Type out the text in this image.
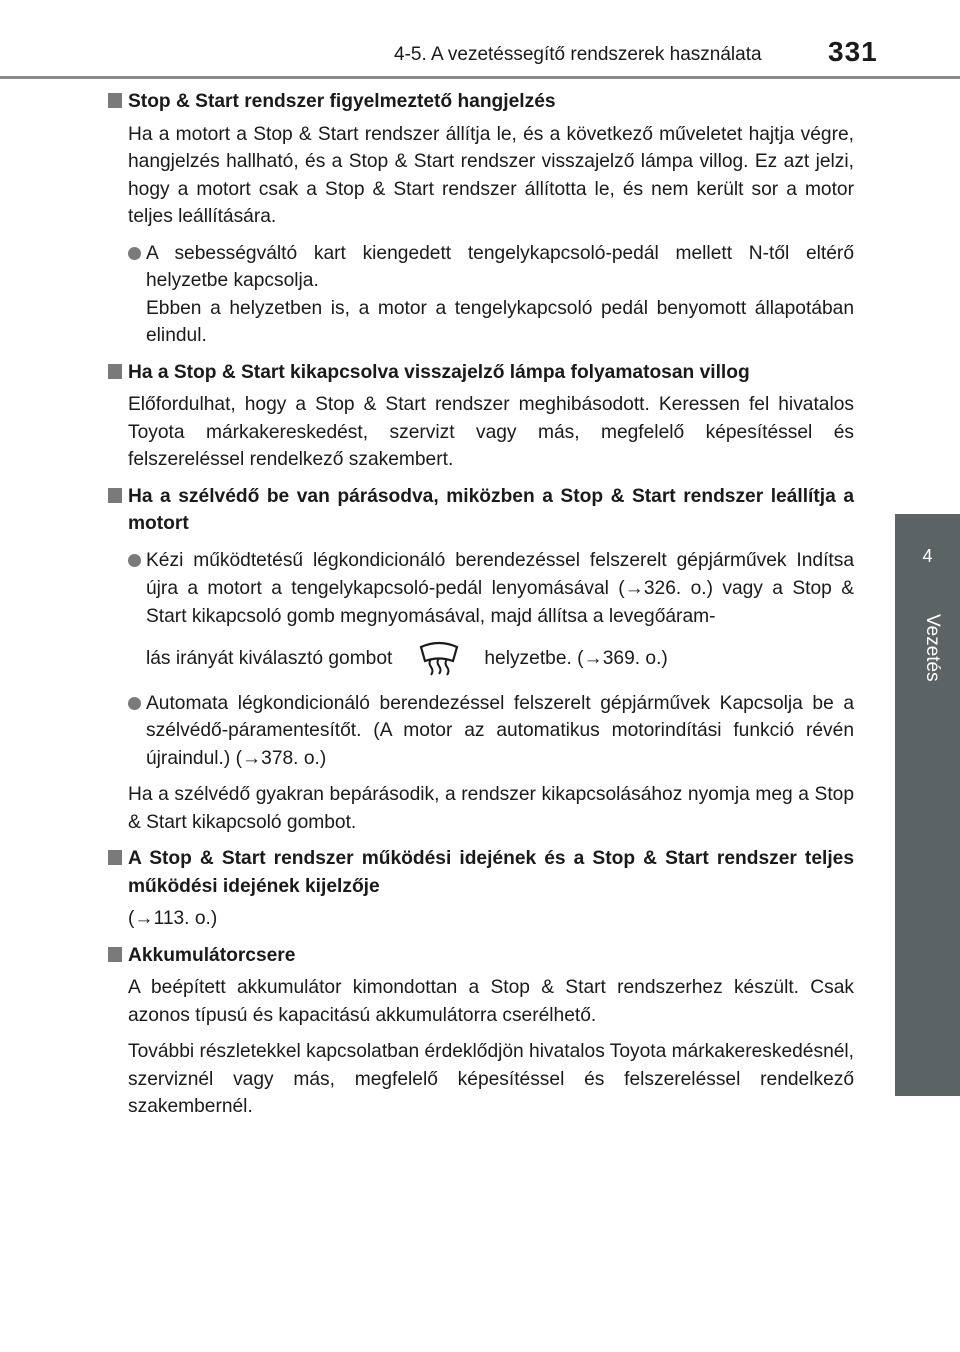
4-5. A vezetéssegítő rendszerek használata 331
4
Vezetés
Stop & Start rendszer figyelmeztető hangjelzés
Ha a motort a Stop & Start rendszer állítja le, és a következő műveletet hajtja végre, hangjelzés hallható, és a Stop & Start rendszer visszajelző lámpa villog. Ez azt jelzi, hogy a motort csak a Stop & Start rendszer állította le, és nem került sor a motor teljes leállítására.
A sebességváltó kart kiengedett tengelykapcsoló-pedál mellett N-től eltérő helyzetbe kapcsolja.
Ebben a helyzetben is, a motor a tengelykapcsoló pedál benyomott állapotában elindul.
Ha a Stop & Start kikapcsolva visszajelző lámpa folyamatosan villog
Előfordulhat, hogy a Stop & Start rendszer meghibásodott. Keressen fel hivatalos Toyota márkakereskedést, szervizt vagy más, megfelelő képesítéssel és felszereléssel rendelkező szakembert.
Ha a szélvédő be van párásodva, miközben a Stop & Start rendszer leállítja a motort
Kézi működtetésű légkondicionáló berendezéssel felszerelt gépjárművek Indítsa újra a motort a tengelykapcsoló-pedál lenyomásával (→326. o.) vagy a Stop & Start kikapcsoló gomb megnyomásával, majd állítsa a levegőáram-
lás irányát kiválasztó gombot	helyzetbe. (→369. o.)
Automata légkondicionáló berendezéssel felszerelt gépjárművek Kapcsolja be a szélvédő-páramentesítőt. (A motor az automatikus motorindítási funkció révén újraindul.) (→378. o.)
Ha a szélvédő gyakran bepárásodik, a rendszer kikapcsolásához nyomja meg a Stop & Start kikapcsoló gombot.
A Stop & Start rendszer működési idejének és a Stop & Start rendszer teljes működési idejének kijelzője
(→113. o.)
Akkumulátorcsere
A beépített akkumulátor kimondottan a Stop & Start rendszerhez készült. Csak azonos típusú és kapacitású akkumulátorra cserélhető.
További részletekkel kapcsolatban érdeklődjön hivatalos Toyota márkakereskedésnél, szerviznél vagy más, megfelelő képesítéssel és felszereléssel rendelkező szakembernél.
